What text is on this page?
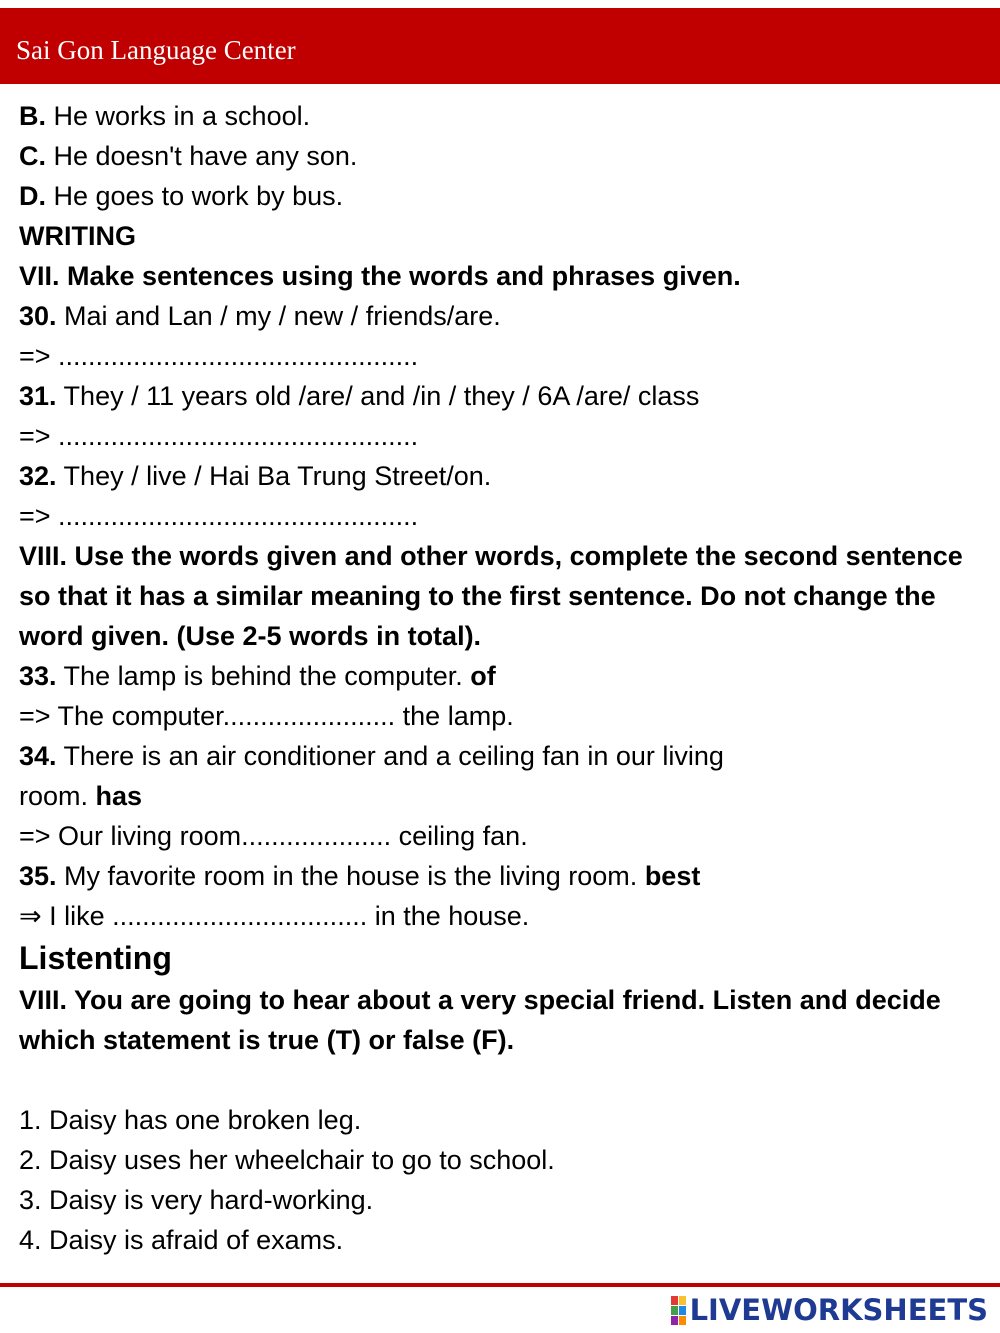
Sai Gon Language Center
B. He works in a school.
C. He doesn't have any son.
D. He goes to work by bus.
WRITING
VII. Make sentences using the words and phrases given.
30. Mai and Lan / my / new / friends/are.
=> ................................................
31. They / 11 years old /are/ and /in / they / 6A /are/ class
=> ................................................
32. They / live / Hai Ba Trung Street/on.
=> ................................................
VIII. Use the words given and other words, complete the second sentence so that it has a similar meaning to the first sentence. Do not change the word given. (Use 2-5 words in total).
33. The lamp is behind the computer. of
=> The computer....................... the lamp.
34. There is an air conditioner and a ceiling fan in our living
room. has
=> Our living room.................... ceiling fan.
35. My favorite room in the house is the living room. best
⇒ I like .................................. in the house.
Listenting
VIII. You are going to hear about a very special friend. Listen and decide which statement is true (T) or false (F).
1. Daisy has one broken leg.
2. Daisy uses her wheelchair to go to school.
3. Daisy is very hard-working.
4. Daisy is afraid of exams.
LIVEWORKSHEETS
